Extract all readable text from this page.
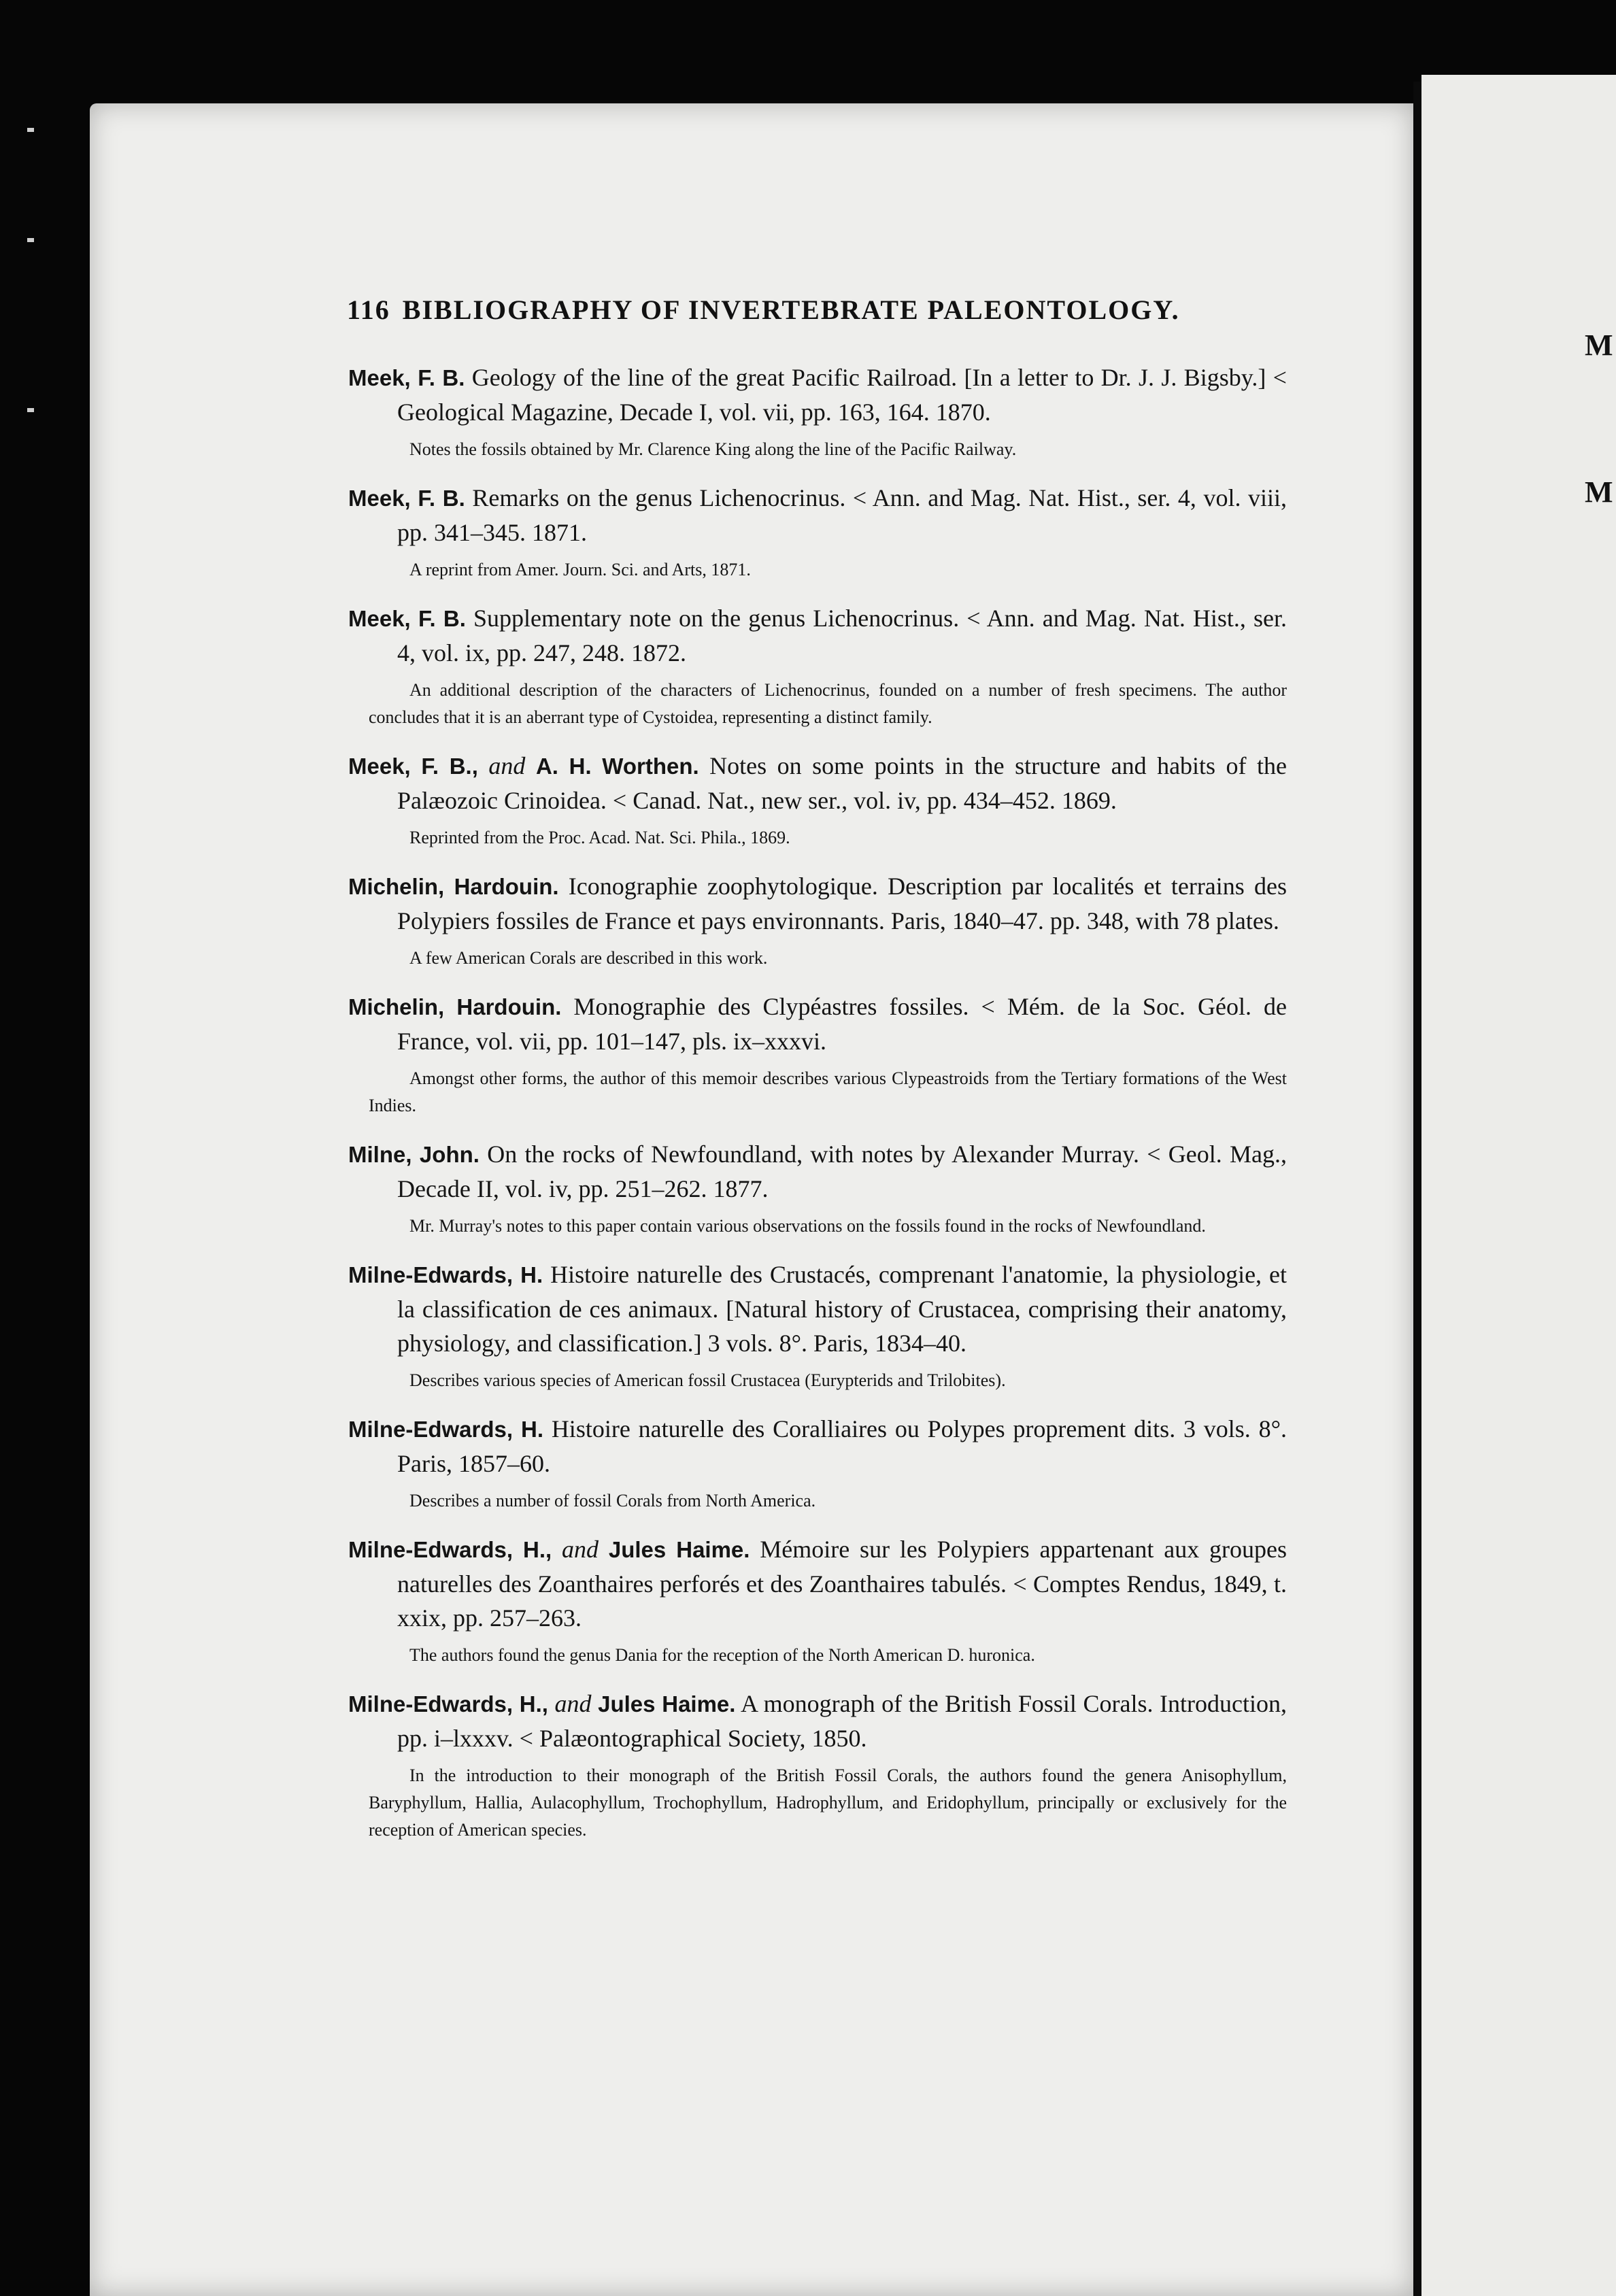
M
M
116 BIBLIOGRAPHY OF INVERTEBRATE PALEONTOLOGY.

Meek, F. B. Geology of the line of the great Pacific Railroad. [In a letter to Dr. J. J. Bigsby.] < Geological Magazine, Decade I, vol. vii, pp. 163, 164. 1870.

Notes the fossils obtained by Mr. Clarence King along the line of the Pacific Railway.

Meek, F. B. Remarks on the genus Lichenocrinus. < Ann. and Mag. Nat. Hist., ser. 4, vol. viii, pp. 341–345. 1871.

A reprint from Amer. Journ. Sci. and Arts, 1871.

Meek, F. B. Supplementary note on the genus Lichenocrinus. < Ann. and Mag. Nat. Hist., ser. 4, vol. ix, pp. 247, 248. 1872.

An additional description of the characters of Lichenocrinus, founded on a number of fresh specimens. The author concludes that it is an aberrant type of Cystoidea, representing a distinct family.

Meek, F. B., and A. H. Worthen. Notes on some points in the structure and habits of the Palæozoic Crinoidea. < Canad. Nat., new ser., vol. iv, pp. 434–452. 1869.

Reprinted from the Proc. Acad. Nat. Sci. Phila., 1869.

Michelin, Hardouin. Iconographie zoophytologique. Description par localités et terrains des Polypiers fossiles de France et pays environnants. Paris, 1840–47. pp. 348, with 78 plates.

A few American Corals are described in this work.

Michelin, Hardouin. Monographie des Clypéastres fossiles. < Mém. de la Soc. Géol. de France, vol. vii, pp. 101–147, pls. ix–xxxvi.

Amongst other forms, the author of this memoir describes various Clypeastroids from the Tertiary formations of the West Indies.

Milne, John. On the rocks of Newfoundland, with notes by Alexander Murray. < Geol. Mag., Decade II, vol. iv, pp. 251–262. 1877.

Mr. Murray's notes to this paper contain various observations on the fossils found in the rocks of Newfoundland.

Milne-Edwards, H. Histoire naturelle des Crustacés, comprenant l'anatomie, la physiologie, et la classification de ces animaux. [Natural history of Crustacea, comprising their anatomy, physiology, and classification.] 3 vols. 8°. Paris, 1834–40.

Describes various species of American fossil Crustacea (Eurypterids and Trilobites).

Milne-Edwards, H. Histoire naturelle des Coralliaires ou Polypes proprement dits. 3 vols. 8°. Paris, 1857–60.

Describes a number of fossil Corals from North America.

Milne-Edwards, H., and Jules Haime. Mémoire sur les Polypiers appartenant aux groupes naturelles des Zoanthaires perforés et des Zoanthaires tabulés. < Comptes Rendus, 1849, t. xxix, pp. 257–263.

The authors found the genus Dania for the reception of the North American D. huronica.

Milne-Edwards, H., and Jules Haime. A monograph of the British Fossil Corals. Introduction, pp. i–lxxxv. < Palæontographical Society, 1850.

In the introduction to their monograph of the British Fossil Corals, the authors found the genera Anisophyllum, Baryphyllum, Hallia, Aulacophyllum, Trochophyllum, Hadrophyllum, and Eridophyllum, principally or exclusively for the reception of American species.
